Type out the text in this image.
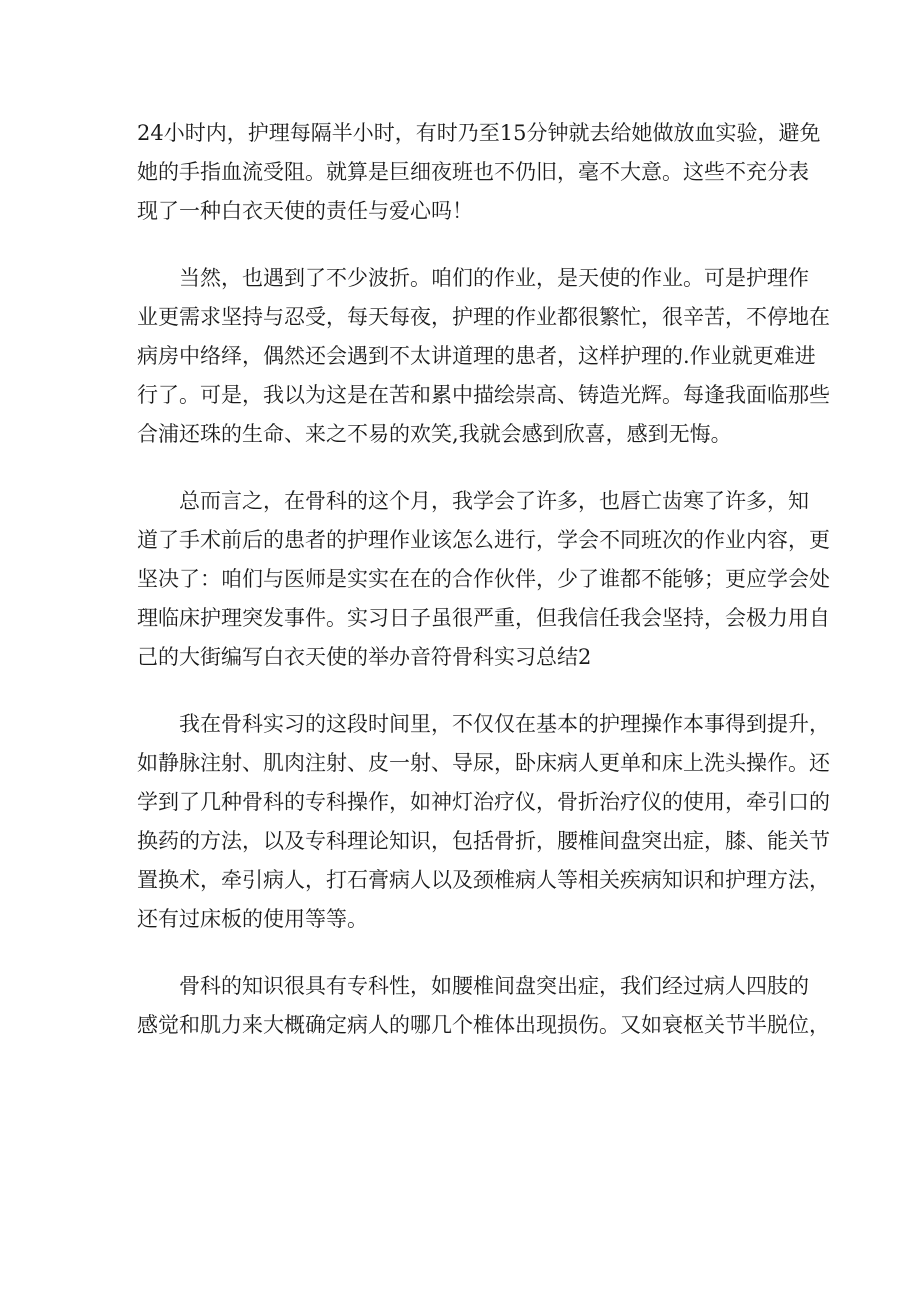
24小时内，护理每隔半小时，有时乃至15分钟就去给她做放血实验，避免
她的手指血流受阻。就算是巨细夜班也不仍旧，毫不大意。这些不充分表
现了一种白衣天使的责任与爱心吗！

当然，也遇到了不少波折。咱们的作业，是天使的作业。可是护理作
业更需求坚持与忍受，每天每夜，护理的作业都很繁忙，很辛苦，不停地在
病房中络绎，偶然还会遇到不太讲道理的患者，这样护理的.作业就更难进
行了。可是，我以为这是在苦和累中描绘崇高、铸造光辉。每逢我面临那些
合浦还珠的生命、来之不易的欢笑,我就会感到欣喜，感到无悔。

总而言之，在骨科的这个月，我学会了许多，也唇亡齿寒了许多，知
道了手术前后的患者的护理作业该怎么进行，学会不同班次的作业内容，更
坚决了：咱们与医师是实实在在的合作伙伴，少了谁都不能够；更应学会处
理临床护理突发事件。实习日子虽很严重，但我信任我会坚持，会极力用自
己的大街编写白衣天使的举办音符骨科实习总结2

我在骨科实习的这段时间里，不仅仅在基本的护理操作本事得到提升，
如静脉注射、肌肉注射、皮一射、导尿，卧床病人更单和床上洗头操作。还
学到了几种骨科的专科操作，如神灯治疗仪，骨折治疗仪的使用，牵引口的
换药的方法，以及专科理论知识，包括骨折，腰椎间盘突出症，膝、能关节
置换术，牵引病人，打石膏病人以及颈椎病人等相关疾病知识和护理方法，
还有过床板的使用等等。

骨科的知识很具有专科性，如腰椎间盘突出症，我们经过病人四肢的
感觉和肌力来大概确定病人的哪几个椎体出现损伤。又如衰枢关节半脱位，
